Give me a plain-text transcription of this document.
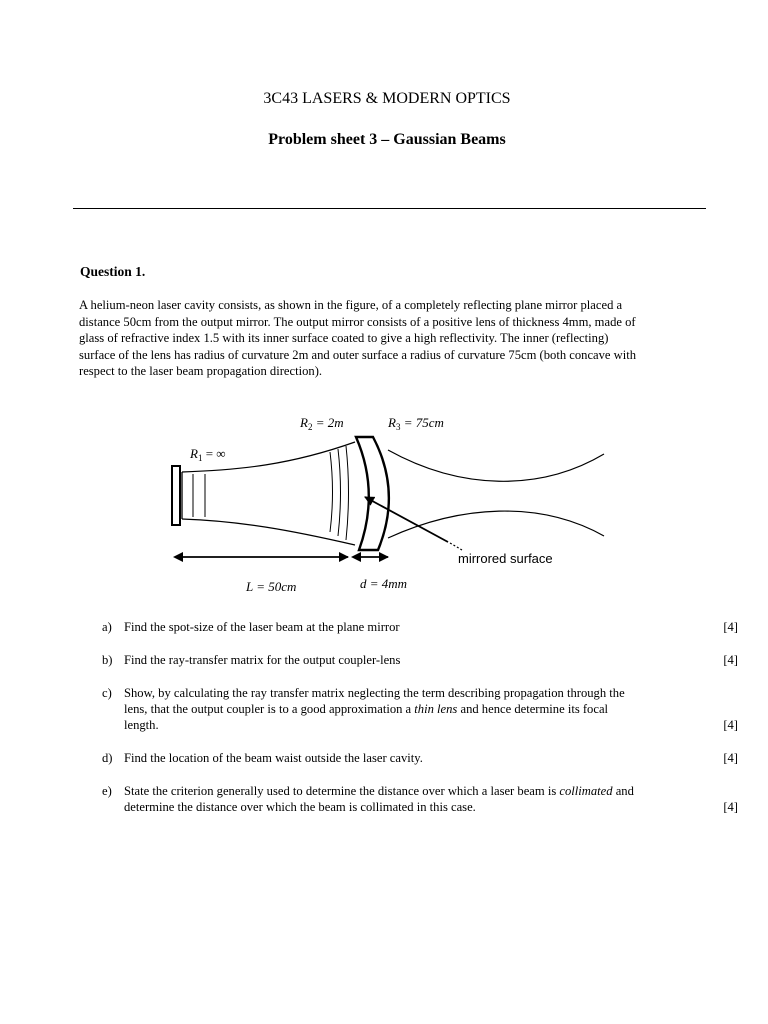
3C43 LASERS & MODERN OPTICS
Problem sheet 3 – Gaussian Beams
Question 1.

A helium-neon laser cavity consists, as shown in the figure, of a completely reflecting plane mirror placed a
distance 50cm from the output mirror. The output mirror consists of a positive lens of thickness 4mm, made of
glass of refractive index 1.5 with its inner surface coated to give a high reflectivity. The inner (reflecting)
surface of the lens has radius of curvature 2m and outer surface a radius of curvature 75cm (both concave with
respect to the laser beam propagation direction).

$R_1$ = ∞
$R_2 = 2m$	$R_3 = 75cm$
L = 50cm	d = 4mm
mirrored surface
a) Find the spot-size of the laser beam at the plane mirror	[4]
b) Find the ray-transfer matrix for the output coupler-lens	[4]
c) Show, by calculating the ray transfer matrix neglecting the term describing propagation through the
lens, that the output coupler is to a good approximation a thin lens and hence determine its focal
length.	[4]
d) Find the location of the beam waist outside the laser cavity.	[4]
e) State the criterion generally used to determine the distance over which a laser beam is collimated and
determine the distance over which the beam is collimated in this case.	[4]
